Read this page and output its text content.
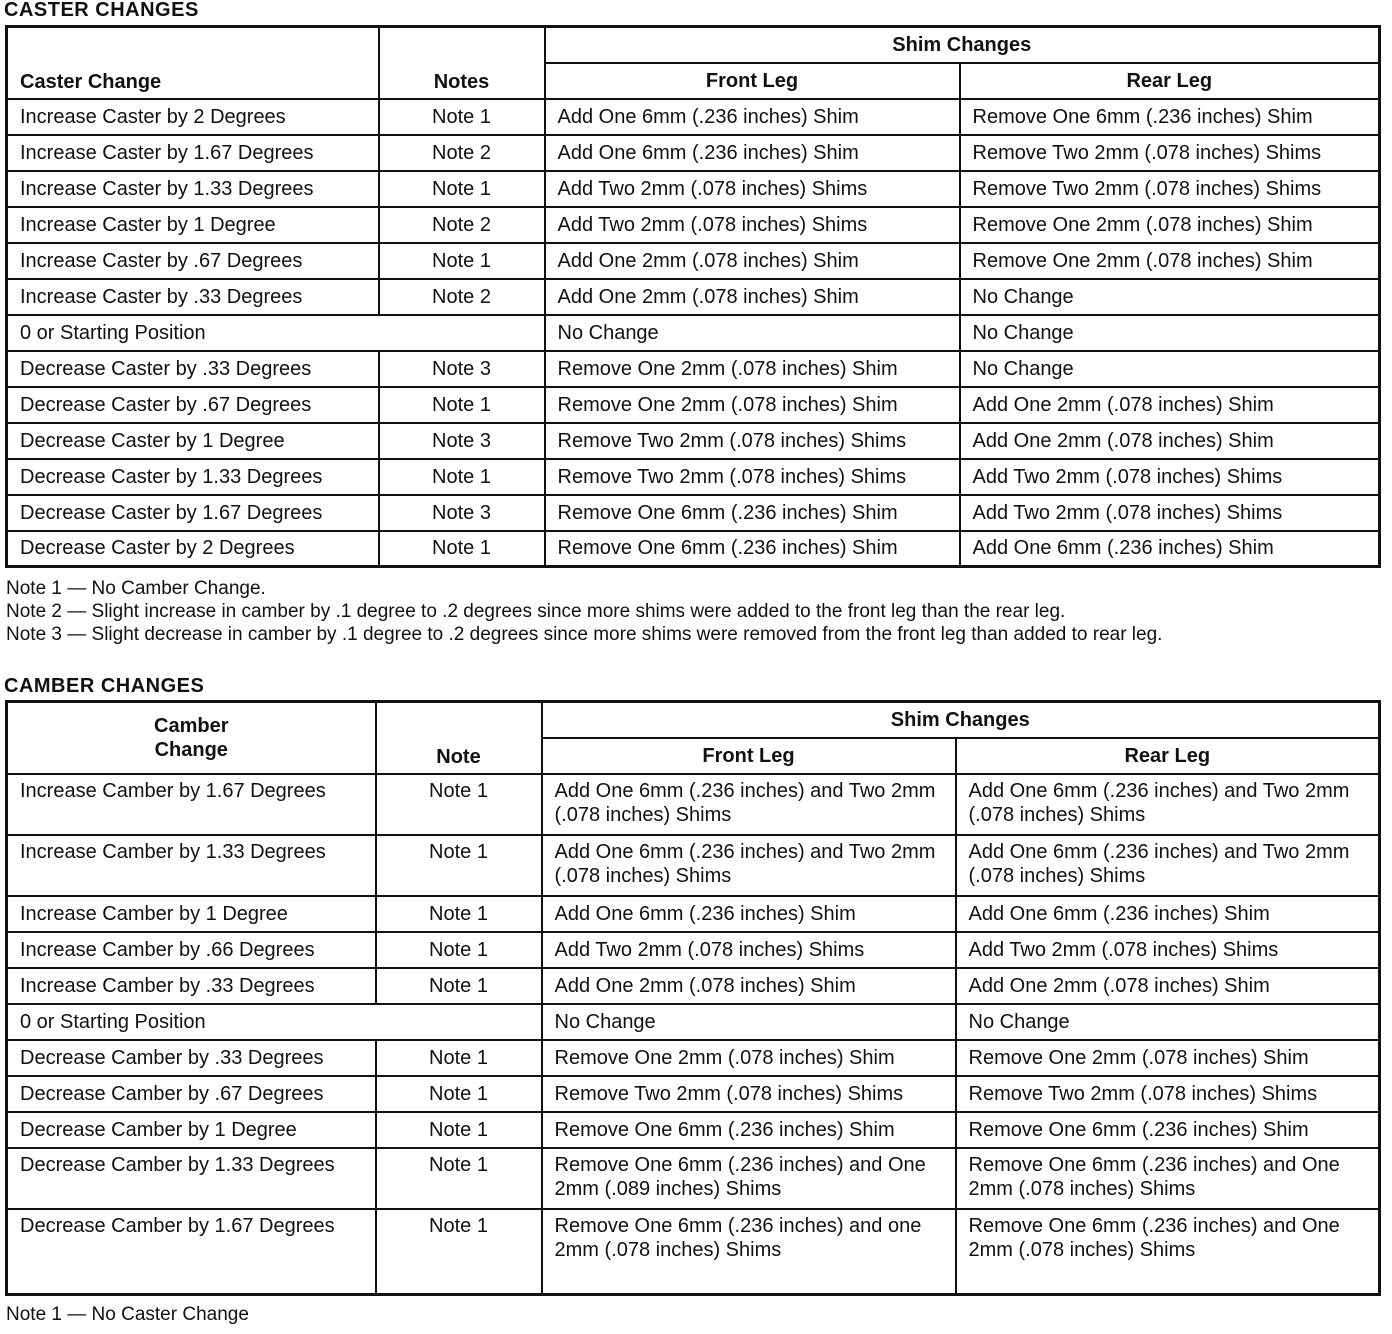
CASTER CHANGES
Caster Change	Notes	Shim Changes	
		Front Leg	Rear Leg
Increase Caster by 2 Degrees	Note 1	Add One 6mm (.236 inches) Shim	Remove One 6mm (.236 inches) Shim
Increase Caster by 1.67 Degrees	Note 2	Add One 6mm (.236 inches) Shim	Remove Two 2mm (.078 inches) Shims
Increase Caster by 1.33 Degrees	Note 1	Add Two 2mm (.078 inches) Shims	Remove Two 2mm (.078 inches) Shims
Increase Caster by 1 Degree	Note 2	Add Two 2mm (.078 inches) Shims	Remove One 2mm (.078 inches) Shim
Increase Caster by .67 Degrees	Note 1	Add One 2mm (.078 inches) Shim	Remove One 2mm (.078 inches) Shim
Increase Caster by .33 Degrees	Note 2	Add One 2mm (.078 inches) Shim	No Change
0 or Starting Position		No Change	No Change
Decrease Caster by .33 Degrees	Note 3	Remove One 2mm (.078 inches) Shim	No Change
Decrease Caster by .67 Degrees	Note 1	Remove One 2mm (.078 inches) Shim	Add One 2mm (.078 inches) Shim
Decrease Caster by 1 Degree	Note 3	Remove Two 2mm (.078 inches) Shims	Add One 2mm (.078 inches) Shim
Decrease Caster by 1.33 Degrees	Note 1	Remove Two 2mm (.078 inches) Shims	Add Two 2mm (.078 inches) Shims
Decrease Caster by 1.67 Degrees	Note 3	Remove One 6mm (.236 inches) Shim	Add Two 2mm (.078 inches) Shims
Decrease Caster by 2 Degrees	Note 1	Remove One 6mm (.236 inches) Shim	Add One 6mm (.236 inches) Shim

Note 1 — No Camber Change.

Note 2 — Slight increase in camber by .1 degree to .2 degrees since more shims were added to the front leg than the rear leg.

Note 3 — Slight decrease in camber by .1 degree to .2 degrees since more shims were removed from the front leg than added to rear leg.

CAMBER CHANGES
Camber
Change	Note	Shim Changes	
		Front Leg	Rear Leg
Increase Camber by 1.67 Degrees	Note 1	Add One 6mm (.236 inches) and Two 2mm (.078 inches) Shims	Add One 6mm (.236 inches) and Two 2mm (.078 inches) Shims
Increase Camber by 1.33 Degrees	Note 1	Add One 6mm (.236 inches) and Two 2mm (.078 inches) Shims	Add One 6mm (.236 inches) and Two 2mm (.078 inches) Shims
Increase Camber by 1 Degree	Note 1	Add One 6mm (.236 inches) Shim	Add One 6mm (.236 inches) Shim
Increase Camber by .66 Degrees	Note 1	Add Two 2mm (.078 inches) Shims	Add Two 2mm (.078 inches) Shims
Increase Camber by .33 Degrees	Note 1	Add One 2mm (.078 inches) Shim	Add One 2mm (.078 inches) Shim
0 or Starting Position		No Change	No Change
Decrease Camber by .33 Degrees	Note 1	Remove One 2mm (.078 inches) Shim	Remove One 2mm (.078 inches) Shim
Decrease Camber by .67 Degrees	Note 1	Remove Two 2mm (.078 inches) Shims	Remove Two 2mm (.078 inches) Shims
Decrease Camber by 1 Degree	Note 1	Remove One 6mm (.236 inches) Shim	Remove One 6mm (.236 inches) Shim
Decrease Camber by 1.33 Degrees	Note 1	Remove One 6mm (.236 inches) and One 2mm (.089 inches) Shims	Remove One 6mm (.236 inches) and One 2mm (.078 inches) Shims
Decrease Camber by 1.67 Degrees	Note 1	Remove One 6mm (.236 inches) and one 2mm (.078 inches) Shims	Remove One 6mm (.236 inches) and One 2mm (.078 inches) Shims

Note 1 — No Caster Change
